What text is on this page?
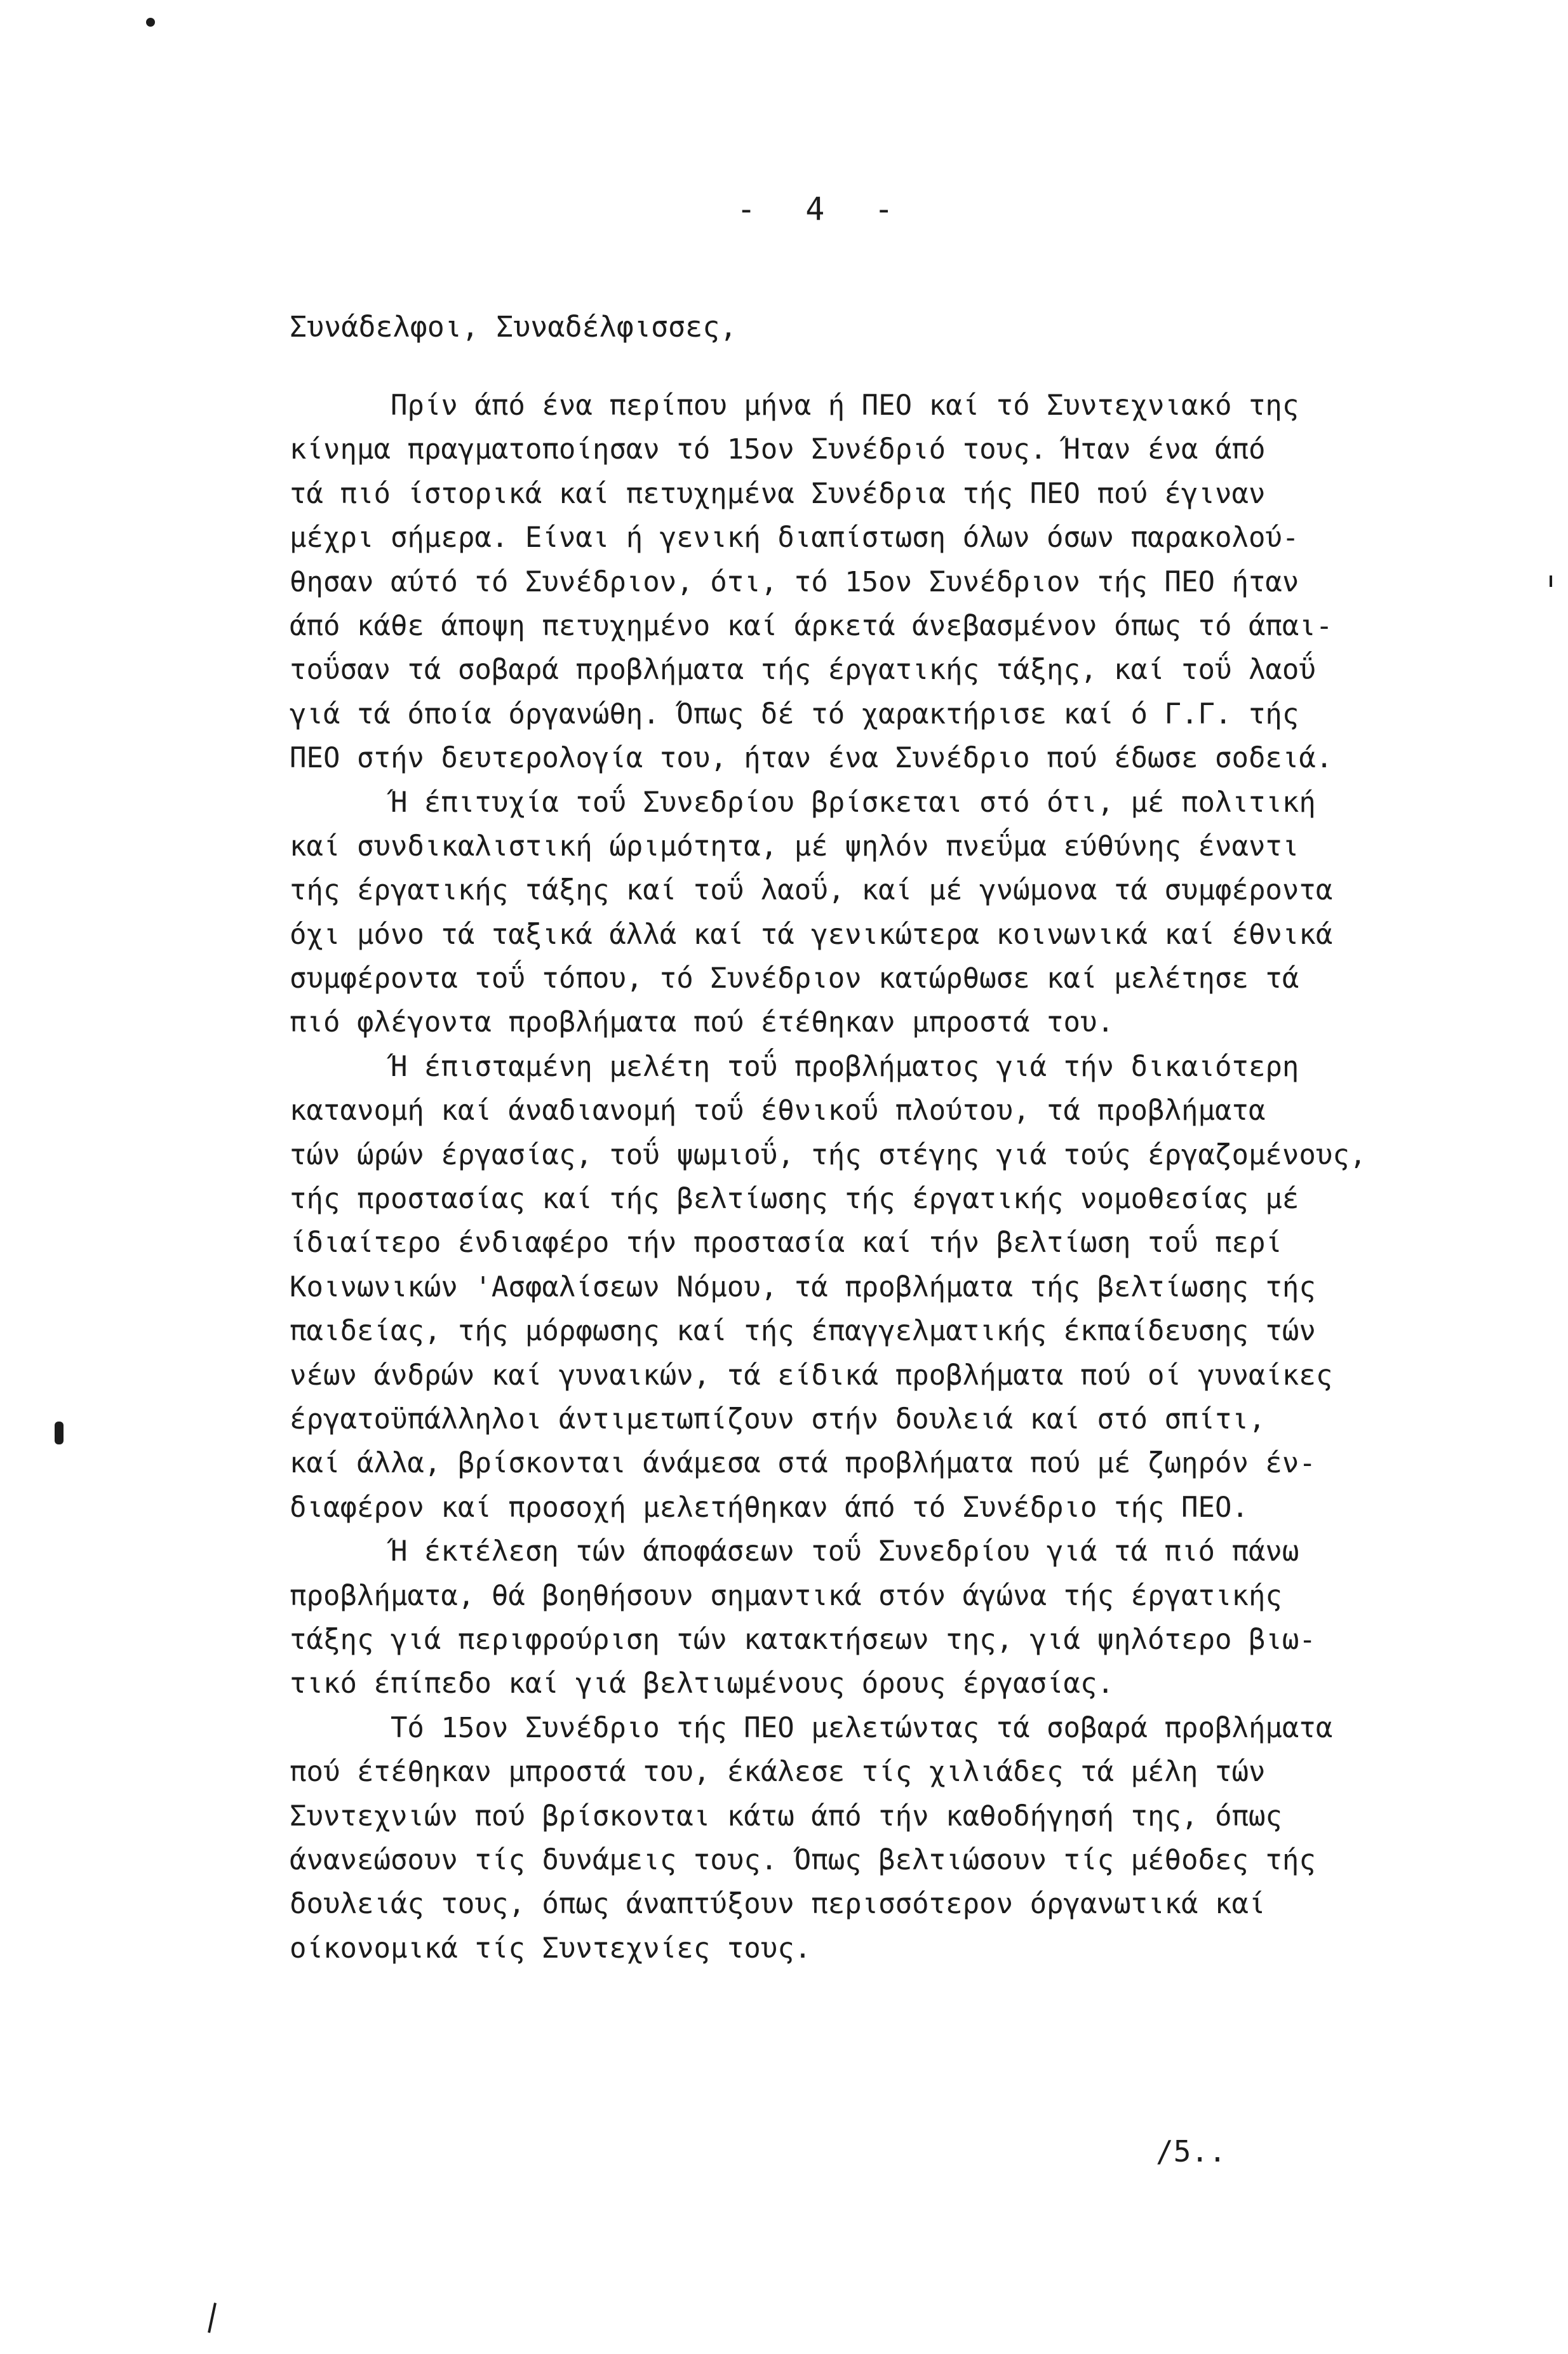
-  4  -
Συνάδελφοι, Συναδέλφισσες,
Πρίν άπό ένα περίπου μήνα ή ΠΕΟ καί τό Συντεχνιακό της
κίνημα πραγματοποίησαν τό 15ον Συνέδριό τους. Ήταν ένα άπό
τά πιό ίστορικά καί πετυχημένα Συνέδρια τής ΠΕΟ πού έγιναν
μέχρι σήμερα. Είναι ή γενική διαπίστωση όλων όσων παρακολού-
θησαν αύτό τό Συνέδριον, ότι, τό 15ον Συνέδριον τής ΠΕΟ ήταν
άπό κάθε άποψη πετυχημένο καί άρκετά άνεβασμένον όπως τό άπαι-
τοΰσαν τά σοβαρά προβλήματα τής έργατικής τάξης, καί τοΰ λαοΰ
γιά τά όποία όργανώθη. Όπως δέ τό χαρακτήρισε καί ό Γ.Γ. τής
ΠΕΟ στήν δευτερολογία του, ήταν ένα Συνέδριο πού έδωσε σοδειά.
Ή έπιτυχία τοΰ Συνεδρίου βρίσκεται στό ότι, μέ πολιτική
καί συνδικαλιστική ώριμότητα, μέ ψηλόν πνεΰμα εύθύνης έναντι
τής έργατικής τάξης καί τοΰ λαοΰ, καί μέ γνώμονα τά συμφέροντα
όχι μόνο τά ταξικά άλλά καί τά γενικώτερα κοινωνικά καί έθνικά
συμφέροντα τοΰ τόπου, τό Συνέδριον κατώρθωσε καί μελέτησε τά
πιό φλέγοντα προβλήματα πού έτέθηκαν μπροστά του.
Ή έπισταμένη μελέτη τοΰ προβλήματος γιά τήν δικαιότερη
κατανομή καί άναδιανομή τοΰ έθνικοΰ πλούτου, τά προβλήματα
τών ώρών έργασίας, τοΰ ψωμιοΰ, τής στέγης γιά τούς έργαζομένους,
τής προστασίας καί τής βελτίωσης τής έργατικής νομοθεσίας μέ
ίδιαίτερο ένδιαφέρο τήν προστασία καί τήν βελτίωση τοΰ περί
Κοινωνικών 'Ασφαλίσεων Νόμου, τά προβλήματα τής βελτίωσης τής
παιδείας, τής μόρφωσης καί τής έπαγγελματικής έκπαίδευσης τών
νέων άνδρών καί γυναικών, τά είδικά προβλήματα πού οί γυναίκες
έργατοϋπάλληλοι άντιμετωπίζουν στήν δουλειά καί στό σπίτι,
καί άλλα, βρίσκονται άνάμεσα στά προβλήματα πού μέ ζωηρόν έν-
διαφέρον καί προσοχή μελετήθηκαν άπό τό Συνέδριο τής ΠΕΟ.
Ή έκτέλεση τών άποφάσεων τοΰ Συνεδρίου γιά τά πιό πάνω
προβλήματα, θά βοηθήσουν σημαντικά στόν άγώνα τής έργατικής
τάξης γιά περιφρούριση τών κατακτήσεων της, γιά ψηλότερο βιω-
τικό έπίπεδο καί γιά βελτιωμένους όρους έργασίας.
Τό 15ον Συνέδριο τής ΠΕΟ μελετώντας τά σοβαρά προβλήματα
πού έτέθηκαν μπροστά του, έκάλεσε τίς χιλιάδες τά μέλη τών
Συντεχνιών πού βρίσκονται κάτω άπό τήν καθοδήγησή της, όπως
άνανεώσουν τίς δυνάμεις τους. Όπως βελτιώσουν τίς μέθοδες τής
δουλειάς τους, όπως άναπτύξουν περισσότερον όργανωτικά καί
οίκονομικά τίς Συντεχνίες τους.
/5..
